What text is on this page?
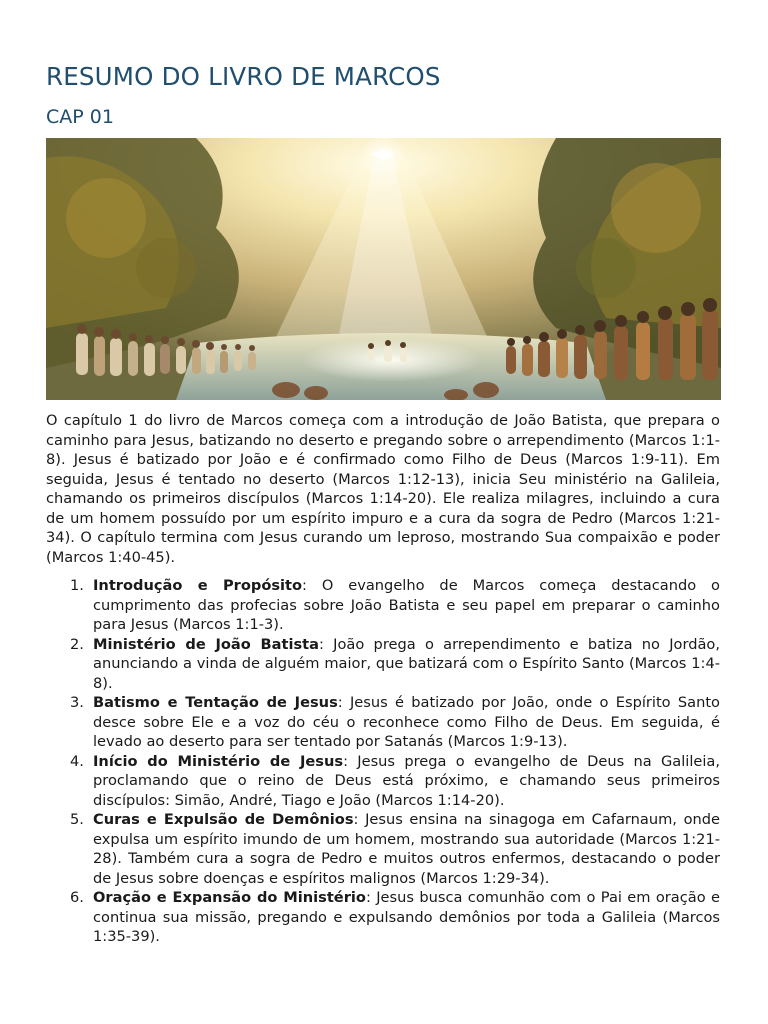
RESUMO DO LIVRO DE MARCOS
CAP 01

O capítulo 1 do livro de Marcos começa com a introdução de João Batista, que prepara o caminho para Jesus, batizando no deserto e pregando sobre o arrependimento (Marcos 1:1-8). Jesus é batizado por João e é confirmado como Filho de Deus (Marcos 1:9-11). Em seguida, Jesus é tentado no deserto (Marcos 1:12-13), inicia Seu ministério na Galileia, chamando os primeiros discípulos (Marcos 1:14-20). Ele realiza milagres, incluindo a cura de um homem possuído por um espírito impuro e a cura da sogra de Pedro (Marcos 1:21-34). O capítulo termina com Jesus curando um leproso, mostrando Sua compaixão e poder (Marcos 1:40-45).

1. Introdução e Propósito: O evangelho de Marcos começa destacando o cumprimento das profecias sobre João Batista e seu papel em preparar o caminho para Jesus (Marcos 1:1-3).
2. Ministério de João Batista: João prega o arrependimento e batiza no Jordão, anunciando a vinda de alguém maior, que batizará com o Espírito Santo (Marcos 1:4-8).
3. Batismo e Tentação de Jesus: Jesus é batizado por João, onde o Espírito Santo desce sobre Ele e a voz do céu o reconhece como Filho de Deus. Em seguida, é levado ao deserto para ser tentado por Satanás (Marcos 1:9-13).
4. Início do Ministério de Jesus: Jesus prega o evangelho de Deus na Galileia, proclamando que o reino de Deus está próximo, e chamando seus primeiros discípulos: Simão, André, Tiago e João (Marcos 1:14-20).
5. Curas e Expulsão de Demônios: Jesus ensina na sinagoga em Cafarnaum, onde expulsa um espírito imundo de um homem, mostrando sua autoridade (Marcos 1:21-28). Também cura a sogra de Pedro e muitos outros enfermos, destacando o poder de Jesus sobre doenças e espíritos malignos (Marcos 1:29-34).
6. Oração e Expansão do Ministério: Jesus busca comunhão com o Pai em oração e continua sua missão, pregando e expulsando demônios por toda a Galileia (Marcos 1:35-39).
